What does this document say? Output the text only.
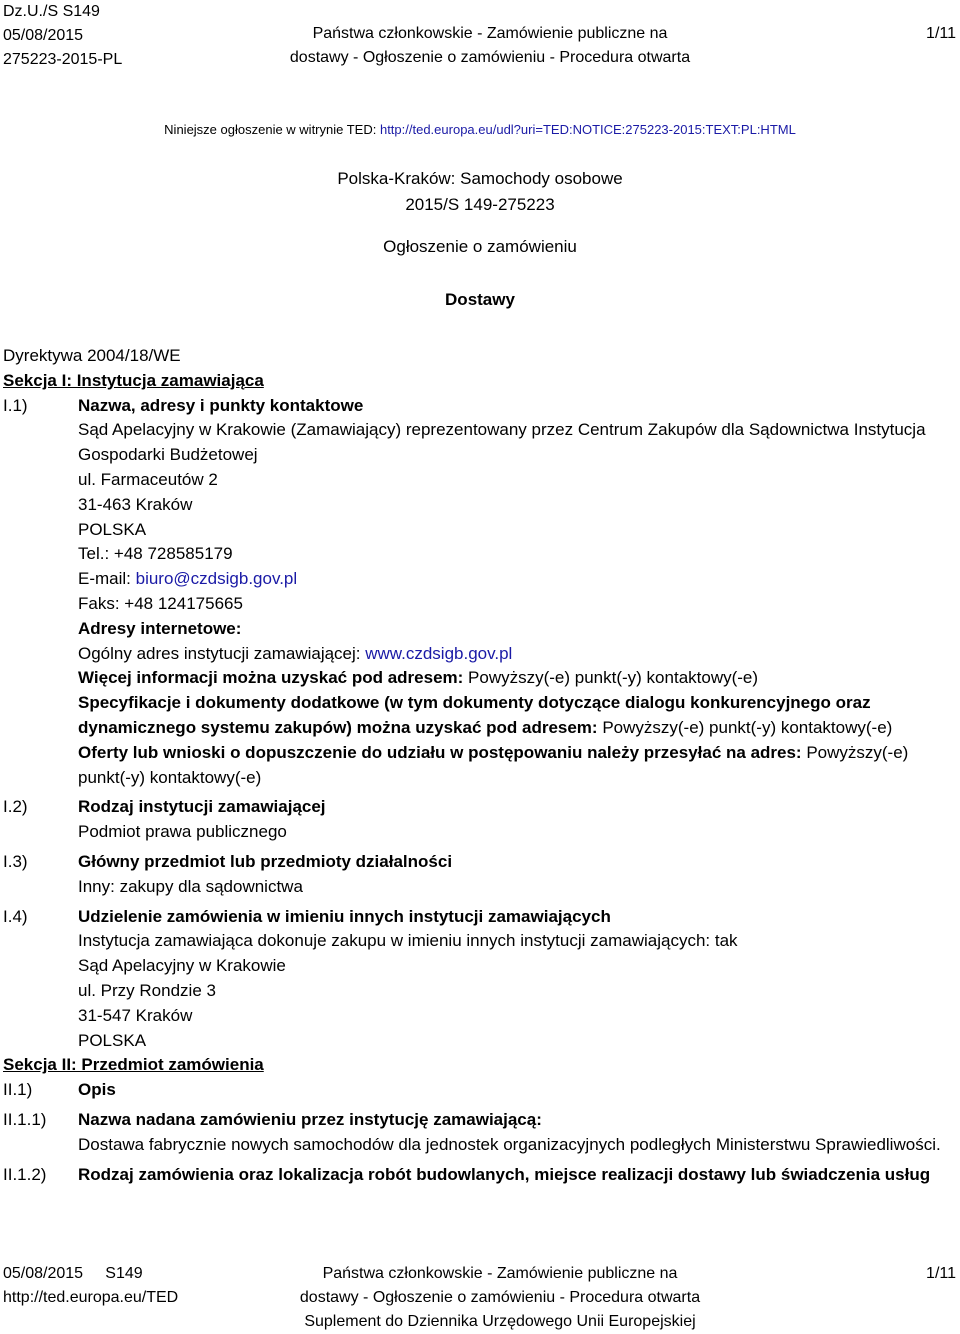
Dz.U./S S149
05/08/2015
275223-2015-PL
Państwa członkowskie - Zamówienie publiczne na
dostawy - Ogłoszenie o zamówieniu - Procedura otwarta
1/11
Niniejsze ogłoszenie w witrynie TED: http://ted.europa.eu/udl?uri=TED:NOTICE:275223-2015:TEXT:PL:HTML
Polska-Kraków: Samochody osobowe
2015/S 149-275223
Ogłoszenie o zamówieniu
Dostawy
Dyrektywa 2004/18/WE
Sekcja I: Instytucja zamawiająca
I.1)	Nazwa, adresy i punkty kontaktowe
Sąd Apelacyjny w Krakowie (Zamawiający) reprezentowany przez Centrum Zakupów dla Sądownictwa Instytucja Gospodarki Budżetowej
ul. Farmaceutów 2
31-463 Kraków
POLSKA
Tel.: +48 728585179
E-mail: biuro@czdsigb.gov.pl
Faks: +48 124175665
Adresy internetowe:
Ogólny adres instytucji zamawiającej: www.czdsigb.gov.pl
Więcej informacji można uzyskać pod adresem: Powyższy(-e) punkt(-y) kontaktowy(-e)
Specyfikacje i dokumenty dodatkowe (w tym dokumenty dotyczące dialogu konkurencyjnego oraz dynamicznego systemu zakupów) można uzyskać pod adresem: Powyższy(-e) punkt(-y) kontaktowy(-e)
Oferty lub wnioski o dopuszczenie do udziału w postępowaniu należy przesyłać na adres: Powyższy(-e) punkt(-y) kontaktowy(-e)
I.2)	Rodzaj instytucji zamawiającej
Podmiot prawa publicznego
I.3)	Główny przedmiot lub przedmioty działalności
Inny: zakupy dla sądownictwa
I.4)	Udzielenie zamówienia w imieniu innych instytucji zamawiających
Instytucja zamawiająca dokonuje zakupu w imieniu innych instytucji zamawiających: tak
Sąd Apelacyjny w Krakowie
ul. Przy Rondzie 3
31-547 Kraków
POLSKA
Sekcja II: Przedmiot zamówienia
II.1)	Opis
II.1.1)	Nazwa nadana zamówieniu przez instytucję zamawiającą:
Dostawa fabrycznie nowych samochodów dla jednostek organizacyjnych podległych Ministerstwu Sprawiedliwości.
II.1.2)	Rodzaj zamówienia oraz lokalizacja robót budowlanych, miejsce realizacji dostawy lub świadczenia usług
05/08/2015     S149
http://ted.europa.eu/TED
Państwa członkowskie - Zamówienie publiczne na
dostawy - Ogłoszenie o zamówieniu - Procedura otwarta
Suplement do Dziennika Urzędowego Unii Europejskiej
1/11
